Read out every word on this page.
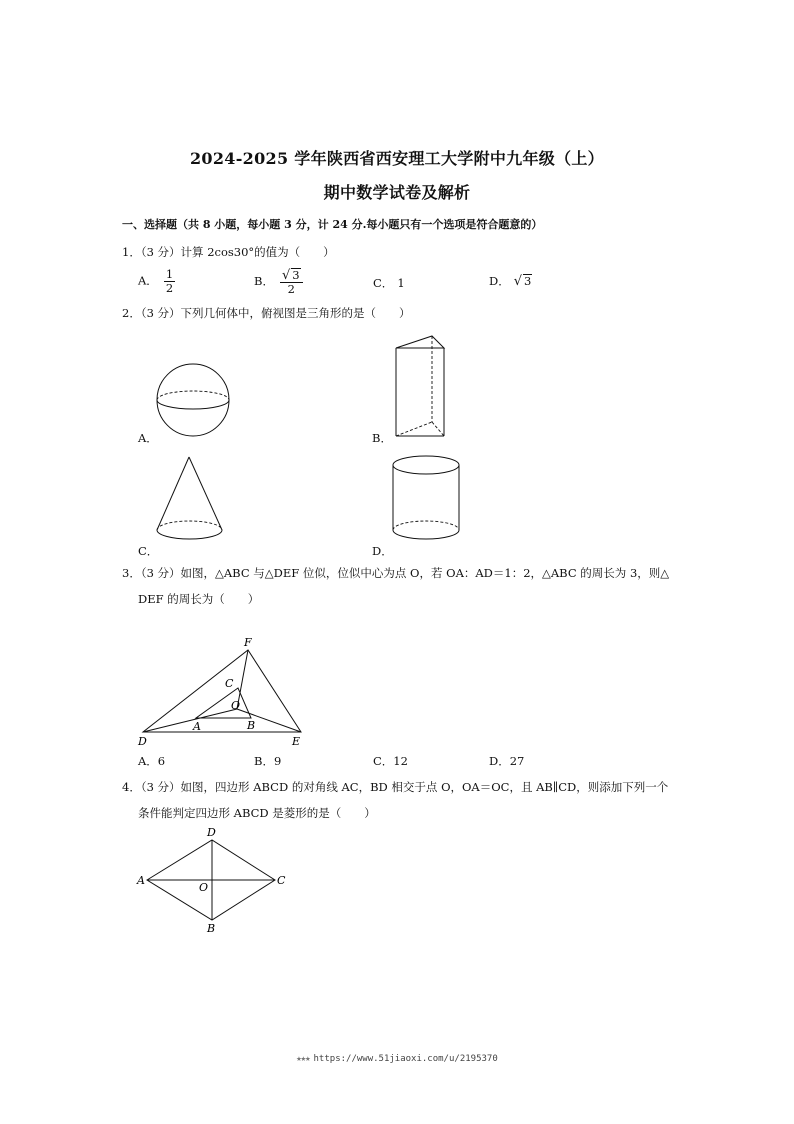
2024-2025 学年陕西省西安理工大学附中九年级（上）
期中数学试卷及解析
一、选择题（共 8 小题，每小题 3 分，计 24 分.每小题只有一个选项是符合题意的）
1．（3 分）计算 2cos30°的值为（　　）
A． $\frac{1}{2}$	B． $\frac{√ 3}{2}$	C． 1	D． √ 3
2．（3 分）下列几何体中，俯视图是三角形的是（　　）
A．	B．
C．	D．
3．（3 分）如图，△ABC 与△DEF 位似，位似中心为点 O，若 OA：AD＝1：2，△ABC 的周长为 3，则△
DEF 的周长为（　　）
F
C
O
A	B
D	E
A．6	B．9	C．12	D．27
4．（3 分）如图，四边形 ABCD 的对角线 AC，BD 相交于点 O，OA＝OC，且 AB∥CD，则添加下列一个
条件能判定四边形 ABCD 是菱形的是（　　）
D
A	C
O
B
★★★ https://www.51jiaoxi.com/u/2195370
